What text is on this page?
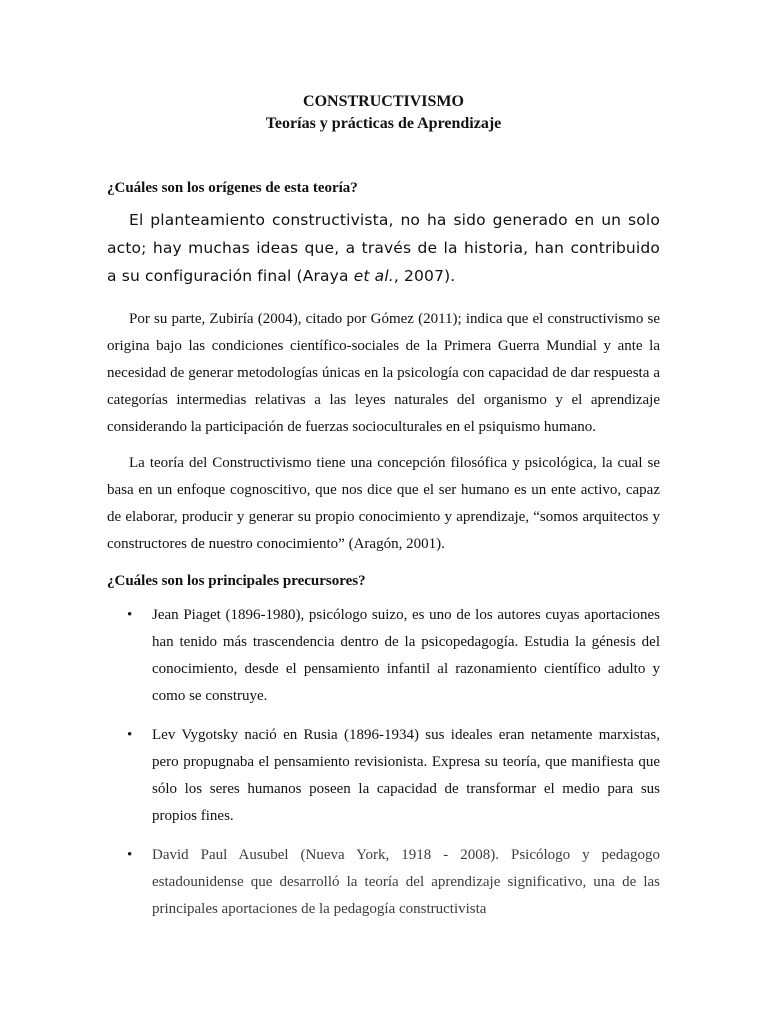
CONSTRUCTIVISMO
Teorías y prácticas de Aprendizaje

¿Cuáles son los orígenes de esta teoría?

El planteamiento constructivista, no ha sido generado en un solo acto; hay muchas ideas que, a través de la historia, han contribuido a su configuración final (Araya et al., 2007).

Por su parte, Zubiría (2004), citado por Gómez (2011); indica que el constructivismo se origina bajo las condiciones científico-sociales de la Primera Guerra Mundial y ante la necesidad de generar metodologías únicas en la psicología con capacidad de dar respuesta a categorías intermedias relativas a las leyes naturales del organismo y el aprendizaje considerando la participación de fuerzas socioculturales en el psiquismo humano.

La teoría del Constructivismo tiene una concepción filosófica y psicológica, la cual se basa en un enfoque cognoscitivo, que nos dice que el ser humano es un ente activo, capaz de elaborar, producir y generar su propio conocimiento y aprendizaje, “somos arquitectos y constructores de nuestro conocimiento” (Aragón, 2001).

¿Cuáles son los principales precursores?

• Jean Piaget (1896-1980), psicólogo suizo, es uno de los autores cuyas aportaciones han tenido más trascendencia dentro de la psicopedagogía. Estudia la génesis del conocimiento, desde el pensamiento infantil al razonamiento científico adulto y como se construye.
• Lev Vygotsky nació en Rusia (1896-1934) sus ideales eran netamente marxistas, pero propugnaba el pensamiento revisionista. Expresa su teoría, que manifiesta que sólo los seres humanos poseen la capacidad de transformar el medio para sus propios fines.
• David Paul Ausubel (Nueva York, 1918 - 2008). Psicólogo y pedagogo estadounidense que desarrolló la teoría del aprendizaje significativo, una de las principales aportaciones de la pedagogía constructivista
